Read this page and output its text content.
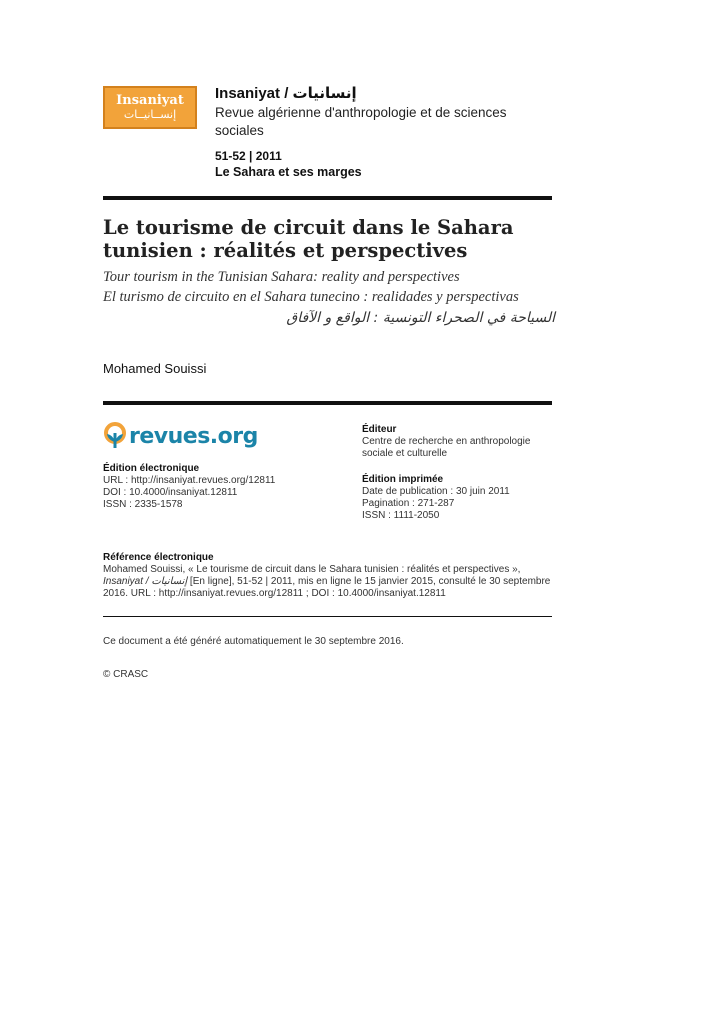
Insaniyat
إنســانيــات
Insaniyat / إنسانيات
Revue algérienne d'anthropologie et de sciences sociales
51-52 | 2011
Le Sahara et ses marges
Le tourisme de circuit dans le Sahara tunisien : réalités et perspectives
Tour tourism in the Tunisian Sahara: reality and perspectives
El turismo de circuito en el Sahara tunecino : realidades y perspectivas
السياحة في الصحراء التونسية : الواقع و الآفاق
Mohamed Souissi
revues.org
Édition électronique
URL : http://insaniyat.revues.org/12811
DOI : 10.4000/insaniyat.12811
ISSN : 2335-1578
Éditeur
Centre de recherche en anthropologie sociale et culturelle
Édition imprimée
Date de publication : 30 juin 2011
Pagination : 271-287
ISSN : 1111-2050
Référence électronique
Mohamed Souissi, « Le tourisme de circuit dans le Sahara tunisien : réalités et perspectives », Insaniyat / إنسانيات [En ligne], 51-52 | 2011, mis en ligne le 15 janvier 2015, consulté le 30 septembre 2016. URL : http://insaniyat.revues.org/12811 ; DOI : 10.4000/insaniyat.12811
Ce document a été généré automatiquement le 30 septembre 2016.
© CRASC
